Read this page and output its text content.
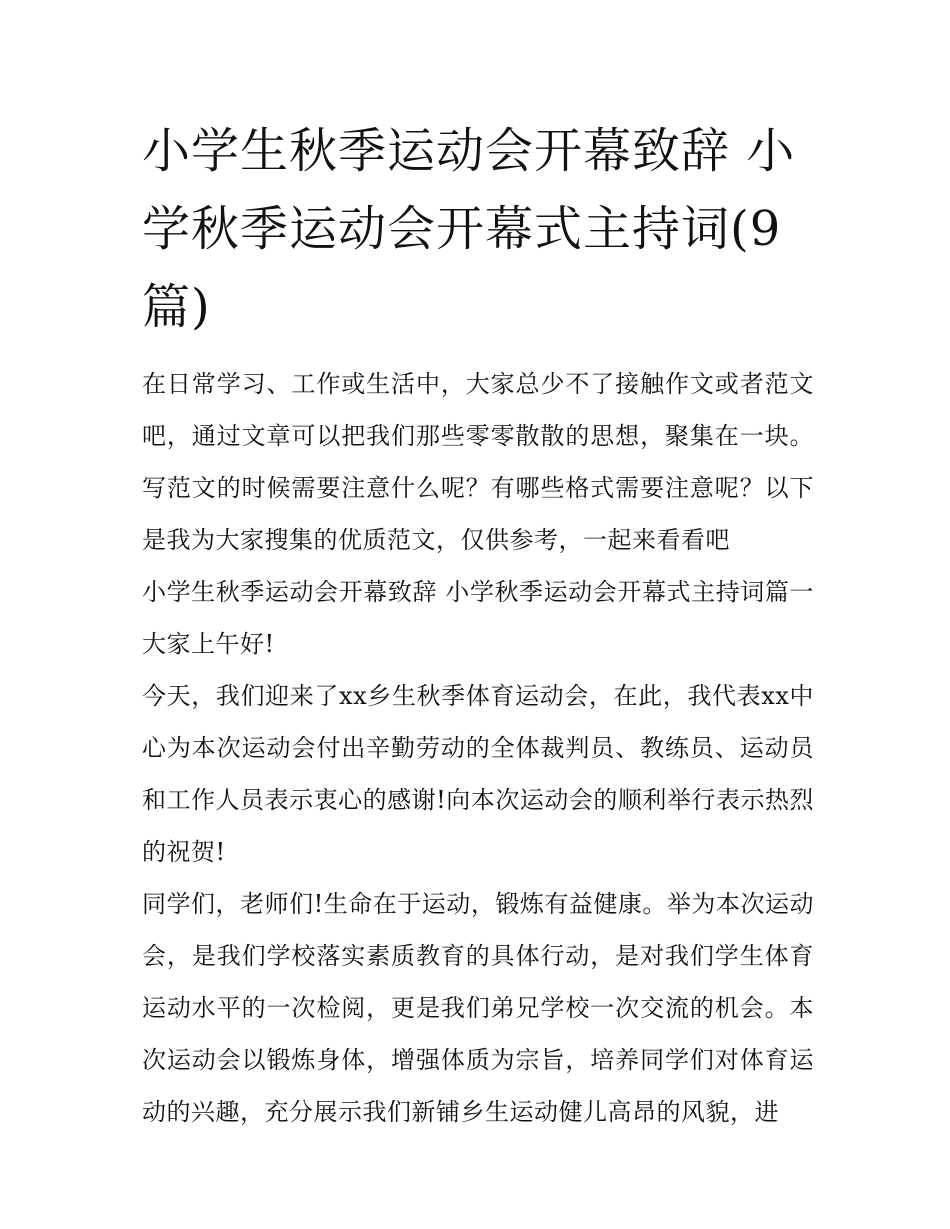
小学生秋季运动会开幕致辞 小学秋季运动会开幕式主持词(9篇)

在日常学习、工作或生活中，大家总少不了接触作文或者范文吧，通过文章可以把我们那些零零散散的思想，聚集在一块。写范文的时候需要注意什么呢？有哪些格式需要注意呢？以下是我为大家搜集的优质范文，仅供参考，一起来看看吧

小学生秋季运动会开幕致辞 小学秋季运动会开幕式主持词篇一 大家上午好!

今天，我们迎来了xx乡生秋季体育运动会，在此，我代表xx中心为本次运动会付出辛勤劳动的全体裁判员、教练员、运动员和工作人员表示衷心的感谢!向本次运动会的顺利举行表示热烈的祝贺!

同学们，老师们!生命在于运动，锻炼有益健康。举为本次运动会，是我们学校落实素质教育的具体行动，是对我们学生体育运动水平的一次检阅，更是我们弟兄学校一次交流的机会。本次运动会以锻炼身体，增强体质为宗旨，培养同学们对体育运动的兴趣，充分展示我们新铺乡生运动健儿高昂的风貌，进
